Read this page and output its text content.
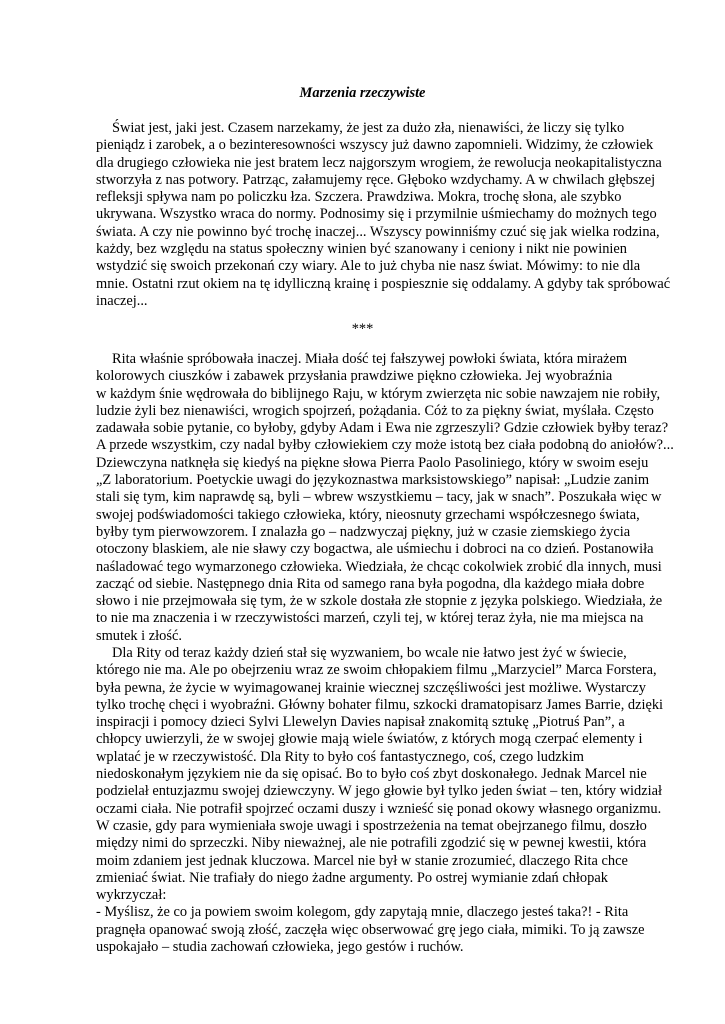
Marzenia rzeczywiste
Świat jest, jaki jest. Czasem narzekamy, że jest za dużo zła, nienawiści, że liczy się tylko
pieniądz i zarobek, a o bezinteresowności wszyscy już dawno zapomnieli. Widzimy, że człowiek
dla drugiego człowieka nie jest bratem lecz najgorszym wrogiem, że rewolucja neokapitalistyczna
stworzyła z nas potwory. Patrząc, załamujemy ręce. Głęboko wzdychamy. A w chwilach głębszej
refleksji spływa nam po policzku łza. Szczera. Prawdziwa. Mokra, trochę słona, ale szybko
ukrywana. Wszystko wraca do normy. Podnosimy się i przymilnie uśmiechamy do możnych tego
świata. A czy nie powinno być trochę inaczej... Wszyscy powinniśmy czuć się jak wielka rodzina,
każdy, bez względu na status społeczny winien być szanowany i ceniony i nikt nie powinien
wstydzić się swoich przekonań czy wiary. Ale to już chyba nie nasz świat. Mówimy: to nie dla
mnie. Ostatni rzut okiem na tę idylliczną krainę i pospiesznie się oddalamy. A gdyby tak spróbować
inaczej...
***
Rita właśnie spróbowała inaczej. Miała dość tej fałszywej powłoki świata, która mirażem
kolorowych ciuszków i zabawek przysłania prawdziwe piękno człowieka. Jej wyobraźnia
w każdym śnie wędrowała do biblijnego Raju, w którym zwierzęta nic sobie nawzajem nie robiły,
ludzie żyli bez nienawiści, wrogich spojrzeń, pożądania. Cóż to za piękny świat, myślała. Często
zadawała sobie pytanie, co byłoby, gdyby Adam i Ewa nie zgrzeszyli? Gdzie człowiek byłby teraz?
A przede wszystkim, czy nadal byłby człowiekiem czy może istotą bez ciała podobną do aniołów?...
Dziewczyna natknęła się kiedyś na piękne słowa Pierra Paolo Pasoliniego, który w swoim eseju
„Z laboratorium. Poetyckie uwagi do językoznastwa marksistowskiego” napisał: „Ludzie zanim
stali się tym, kim naprawdę są, byli – wbrew wszystkiemu – tacy, jak w snach”. Poszukała więc w
swojej podświadomości takiego człowieka, który, nieosnuty grzechami współczesnego świata,
byłby tym pierwowzorem. I znalazła go – nadzwyczaj piękny, już w czasie ziemskiego życia
otoczony blaskiem, ale nie sławy czy bogactwa, ale uśmiechu i dobroci na co dzień. Postanowiła
naśladować tego wymarzonego człowieka. Wiedziała, że chcąc cokolwiek zrobić dla innych, musi
zacząć od siebie. Następnego dnia Rita od samego rana była pogodna, dla każdego miała dobre
słowo i nie przejmowała się tym, że w szkole dostała złe stopnie z języka polskiego. Wiedziała, że
to nie ma znaczenia i w rzeczywistości marzeń, czyli tej, w której teraz żyła, nie ma miejsca na
smutek i złość.
Dla Rity od teraz każdy dzień stał się wyzwaniem, bo wcale nie łatwo jest żyć w świecie,
którego nie ma. Ale po obejrzeniu wraz ze swoim chłopakiem filmu „Marzyciel” Marca Forstera,
była pewna, że życie w wyimagowanej krainie wiecznej szczęśliwości jest możliwe. Wystarczy
tylko trochę chęci i wyobraźni. Główny bohater filmu, szkocki dramatopisarz James Barrie, dzięki
inspiracji i pomocy dzieci Sylvi Llewelyn Davies napisał znakomitą sztukę „Piotruś Pan”, a
chłopcy uwierzyli, że w swojej głowie mają wiele światów, z których mogą czerpać elementy i
wplatać je w rzeczywistość. Dla Rity to było coś fantastycznego, coś, czego ludzkim
niedoskonałym językiem nie da się opisać. Bo to było coś zbyt doskonałego. Jednak Marcel nie
podzielał entuzjazmu swojej dziewczyny. W jego głowie był tylko jeden świat – ten, który widział
oczami ciała. Nie potrafił spojrzeć oczami duszy i wznieść się ponad okowy własnego organizmu.
W czasie, gdy para wymieniała swoje uwagi i spostrzeżenia na temat obejrzanego filmu, doszło
między nimi do sprzeczki. Niby nieważnej, ale nie potrafili zgodzić się w pewnej kwestii, która
moim zdaniem jest jednak kluczowa. Marcel nie był w stanie zrozumieć, dlaczego Rita chce
zmieniać świat. Nie trafiały do niego żadne argumenty. Po ostrej wymianie zdań chłopak
wykrzyczał:
- Myślisz, że co ja powiem swoim kolegom, gdy zapytają mnie, dlaczego jesteś taka?! - Rita
pragnęła opanować swoją złość, zaczęła więc obserwować grę jego ciała, mimiki. To ją zawsze
uspokajało – studia zachowań człowieka, jego gestów i ruchów.
